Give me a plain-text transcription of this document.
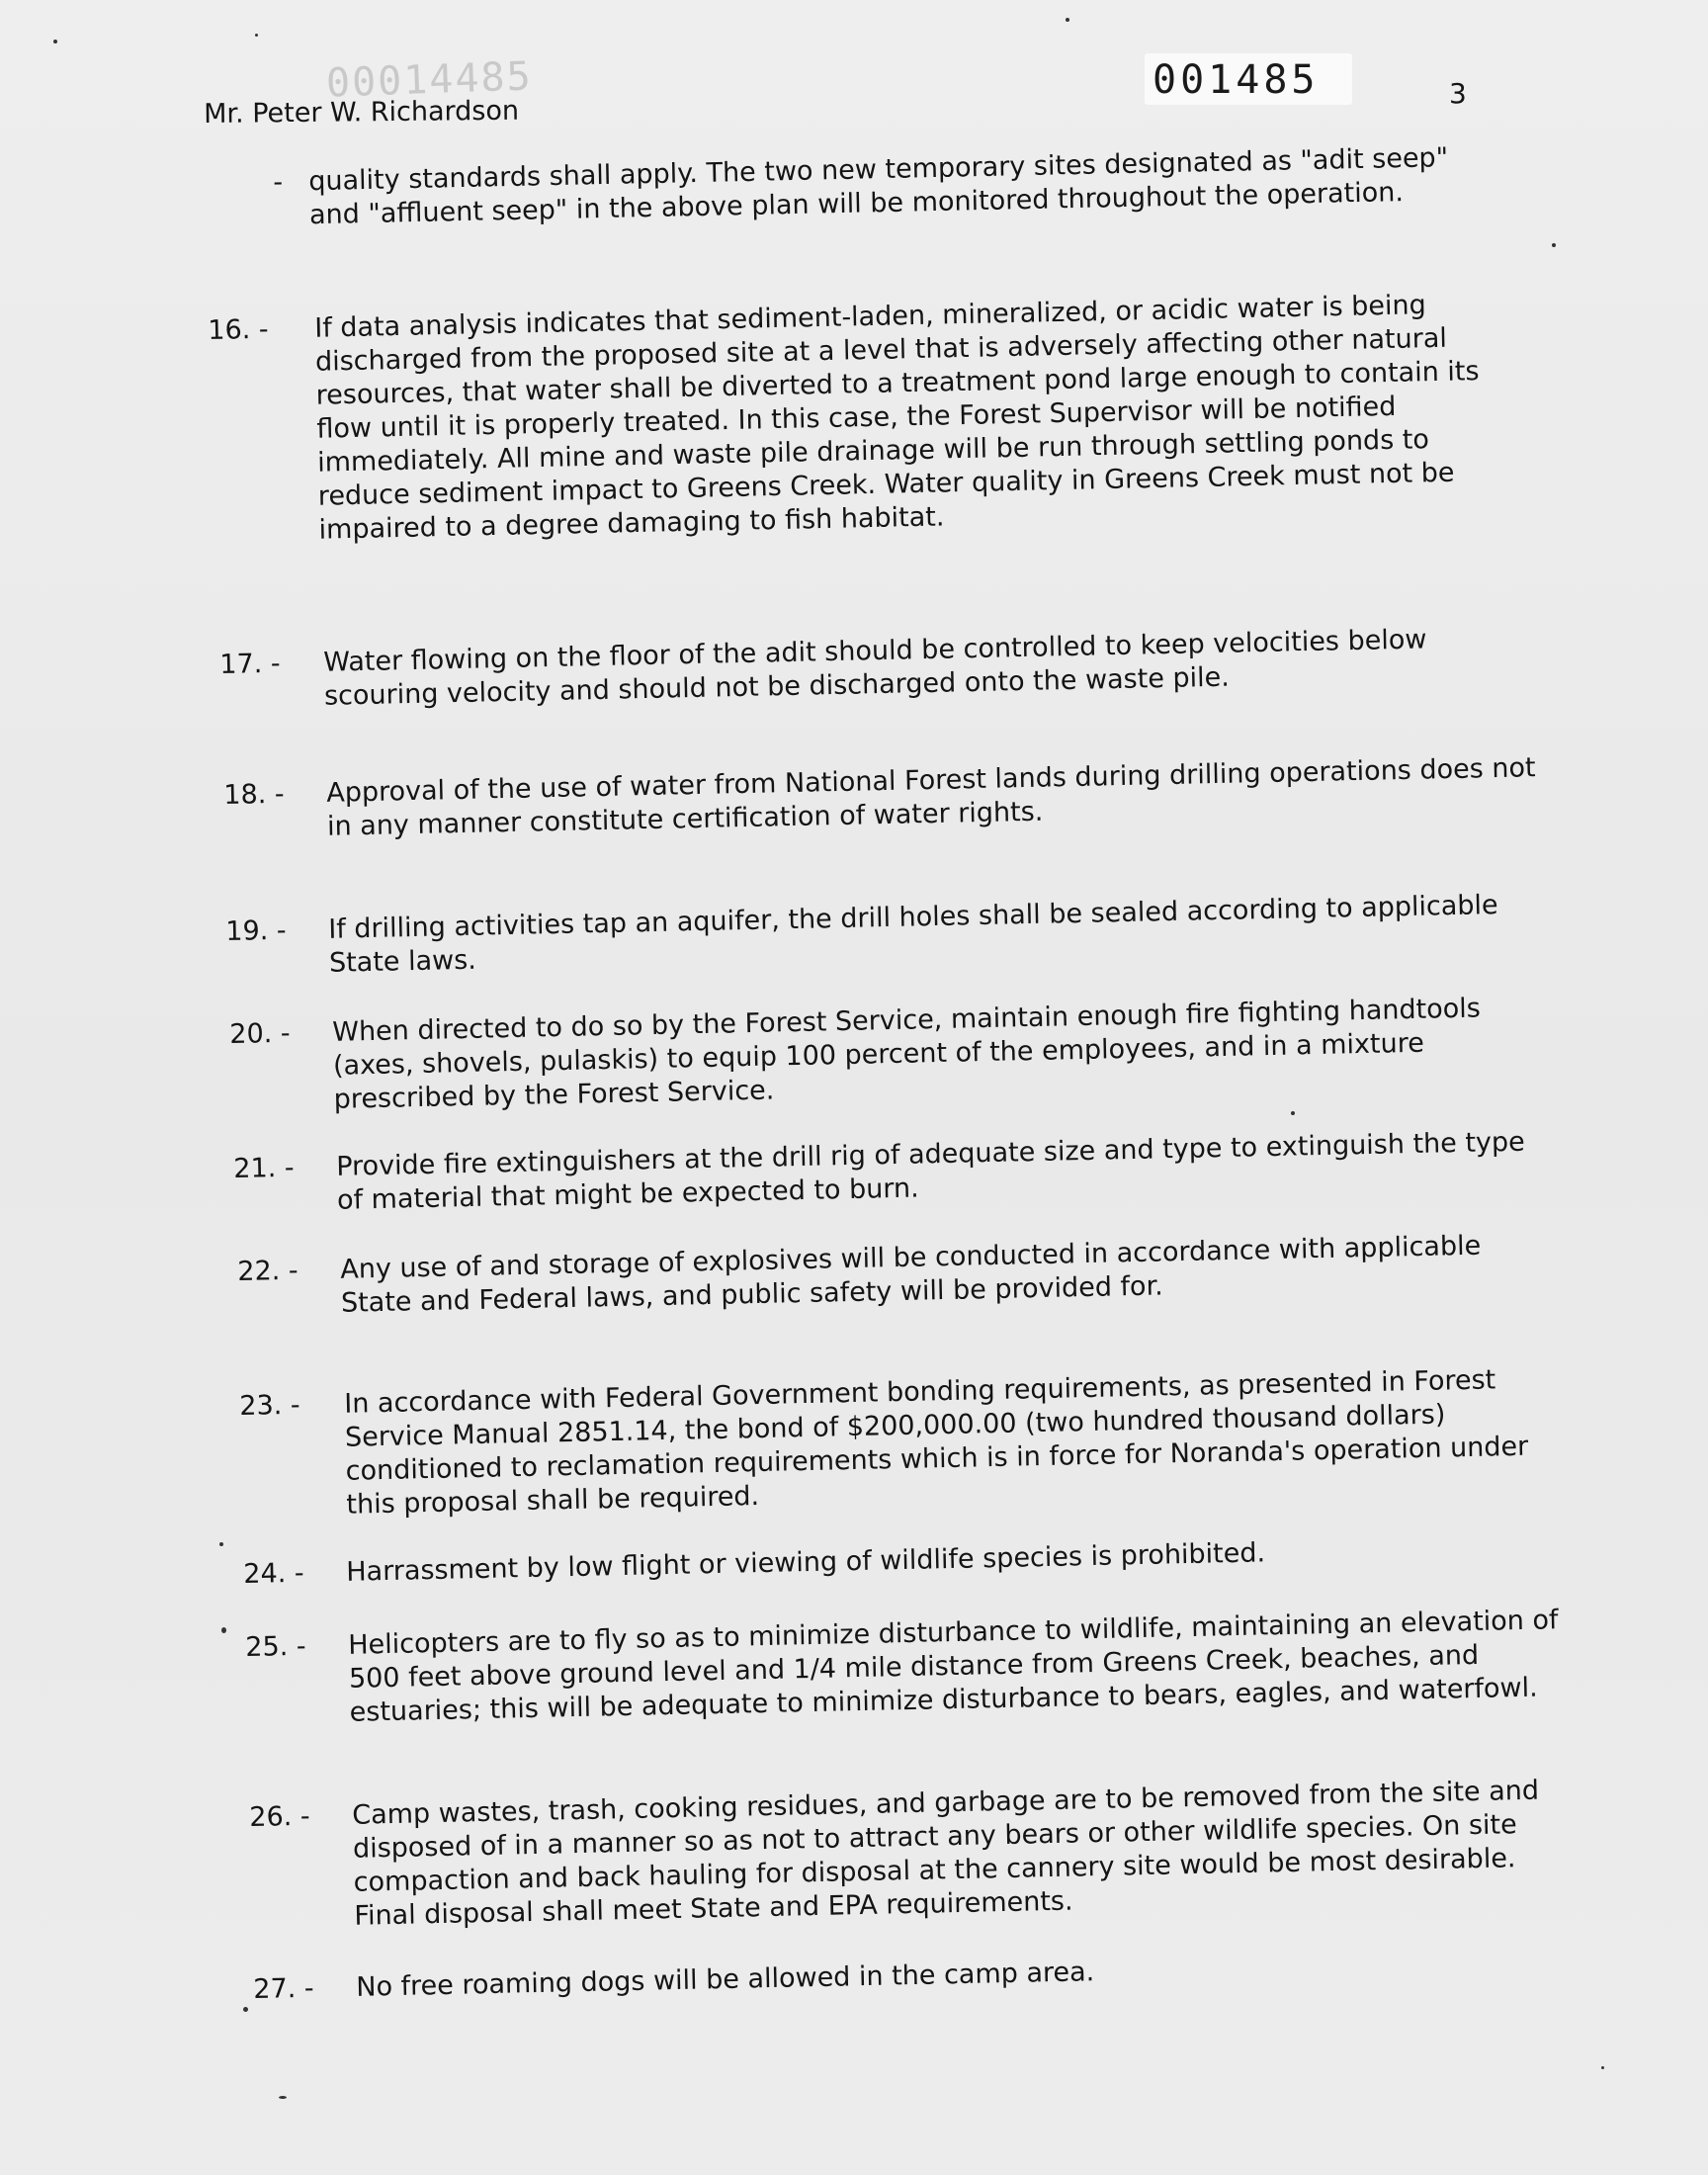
00014485	001485	3
Mr. Peter W. Richardson
- quality standards shall apply. The two new temporary sites designated as "adit seep" and "affluent seep" in the above plan will be monitored throughout the operation.
16. - If data analysis indicates that sediment-laden, mineralized, or acidic water is being discharged from the proposed site at a level that is adversely affecting other natural resources, that water shall be diverted to a treatment pond large enough to contain its flow until it is properly treated. In this case, the Forest Supervisor will be notified immediately. All mine and waste pile drainage will be run through settling ponds to reduce sediment impact to Greens Creek. Water quality in Greens Creek must not be impaired to a degree damaging to fish habitat.
17. - Water flowing on the floor of the adit should be controlled to keep velocities below scouring velocity and should not be discharged onto the waste pile.
18. - Approval of the use of water from National Forest lands during drilling operations does not in any manner constitute certification of water rights.
19. - If drilling activities tap an aquifer, the drill holes shall be sealed according to applicable State laws.
20. - When directed to do so by the Forest Service, maintain enough fire fighting handtools (axes, shovels, pulaskis) to equip 100 percent of the employees, and in a mixture prescribed by the Forest Service.
21. - Provide fire extinguishers at the drill rig of adequate size and type to extinguish the type of material that might be expected to burn.
22. - Any use of and storage of explosives will be conducted in accordance with applicable State and Federal laws, and public safety will be provided for.
23. - In accordance with Federal Government bonding requirements, as presented in Forest Service Manual 2851.14, the bond of $200,000.00 (two hundred thousand dollars) conditioned to reclamation requirements which is in force for Noranda's operation under this proposal shall be required.
24. - Harrassment by low flight or viewing of wildlife species is prohibited.
25. - Helicopters are to fly so as to minimize disturbance to wildlife, maintaining an elevation of 500 feet above ground level and 1/4 mile distance from Greens Creek, beaches, and estuaries; this will be adequate to minimize disturbance to bears, eagles, and waterfowl.
26. - Camp wastes, trash, cooking residues, and garbage are to be removed from the site and disposed of in a manner so as not to attract any bears or other wildlife species. On site compaction and back hauling for disposal at the cannery site would be most desirable. Final disposal shall meet State and EPA requirements.
27. - No free roaming dogs will be allowed in the camp area.
